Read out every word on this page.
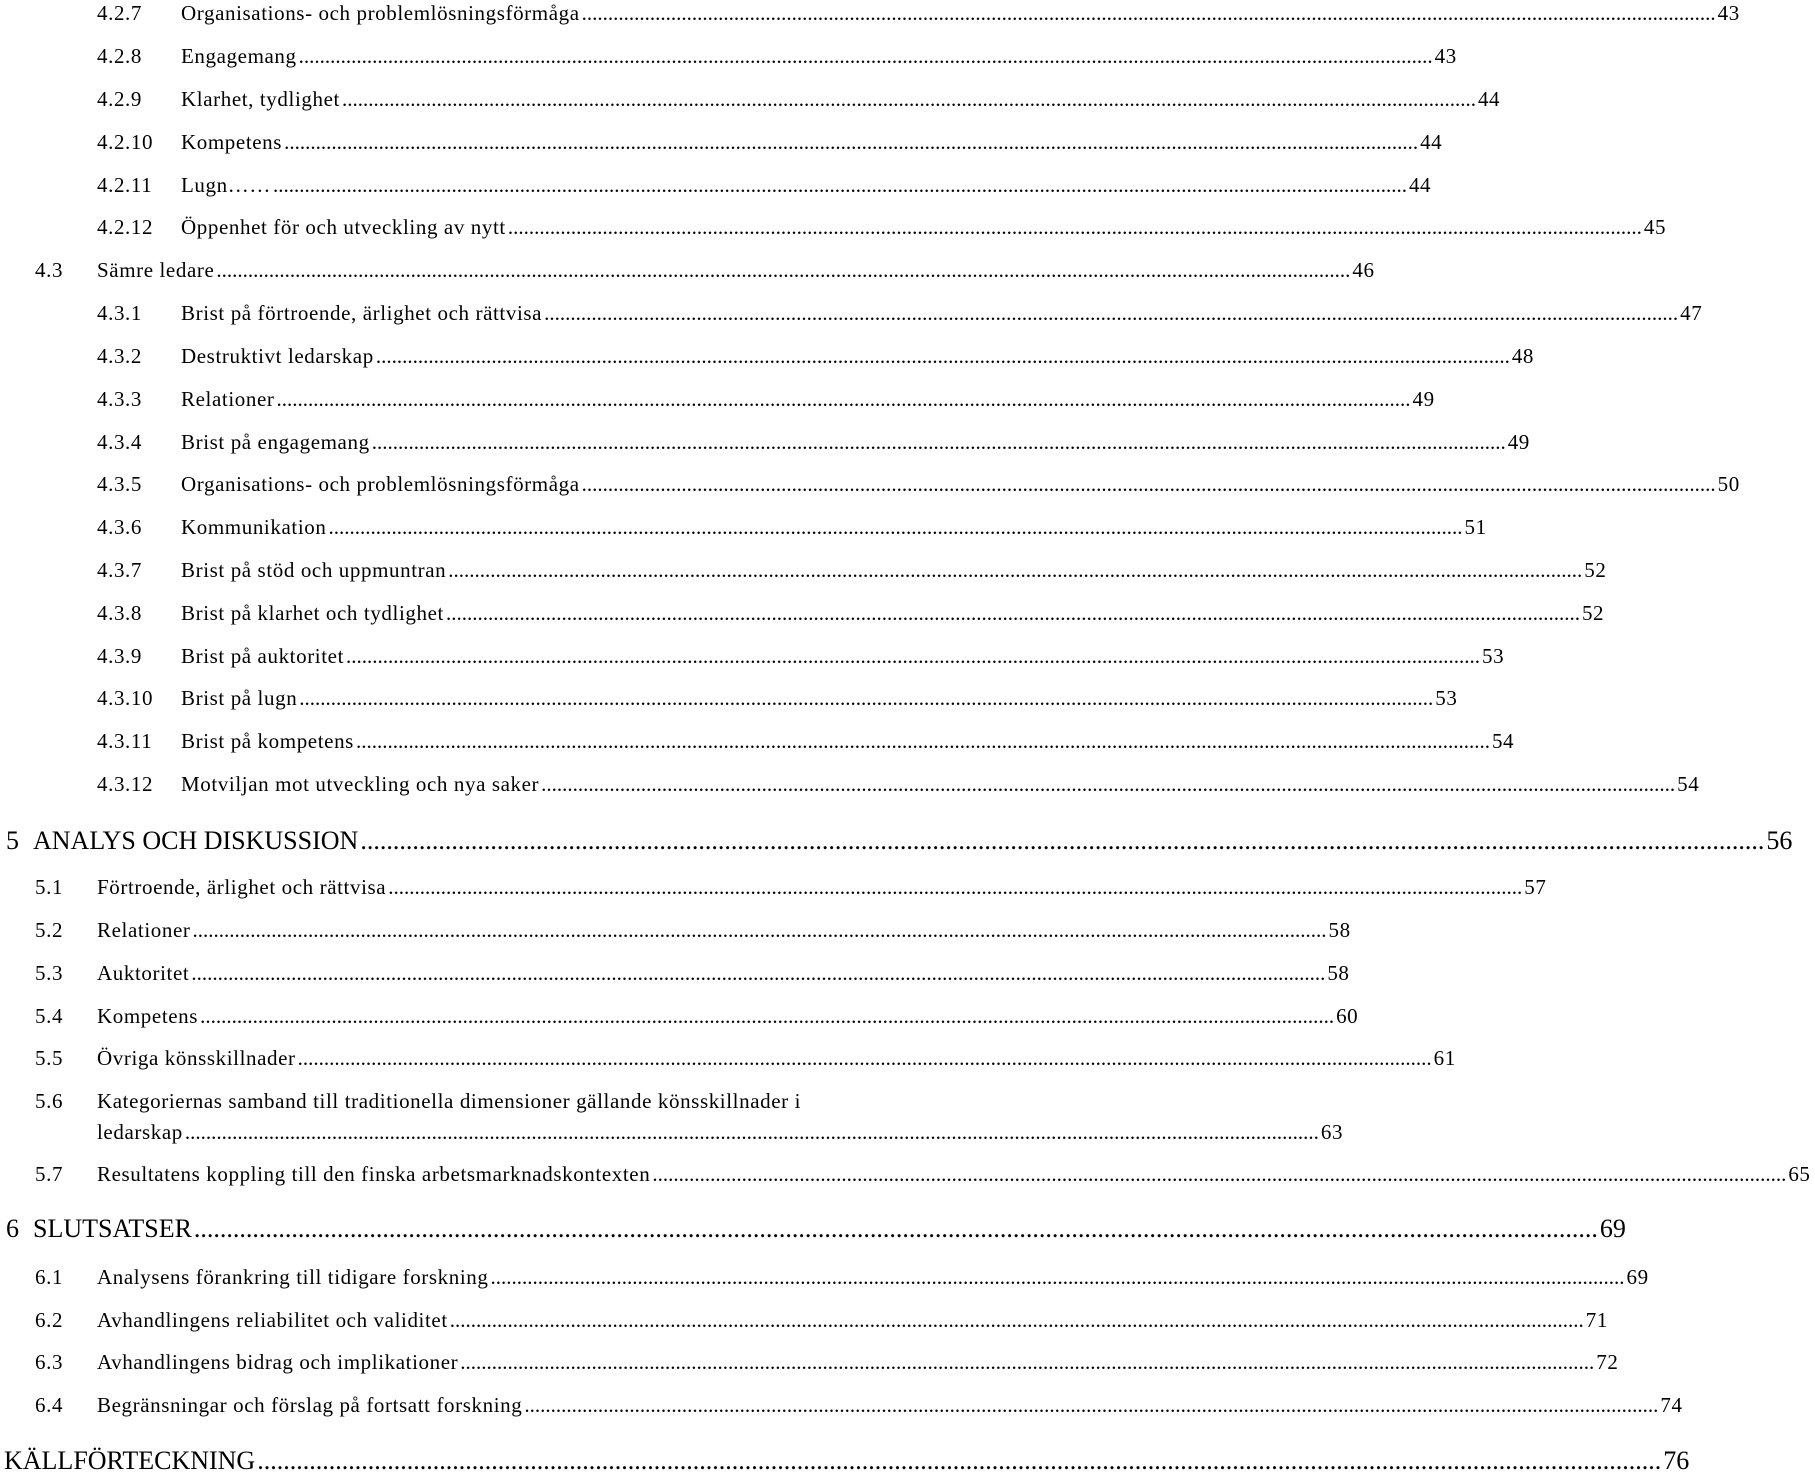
4.2.7	Organisations- och problemlösningsförmåga .....	43
4.2.8	Engagemang .....	43
4.2.9	Klarhet, tydlighet .....	44
4.2.10	Kompetens .....	44
4.2.11	Lugn…… .....	44
4.2.12	Öppenhet för och utveckling av nytt .....	45
4.3	Sämre ledare .....	46
4.3.1	Brist på förtroende, ärlighet och rättvisa .....	47
4.3.2	Destruktivt ledarskap .....	48
4.3.3	Relationer .....	49
4.3.4	Brist på engagemang .....	49
4.3.5	Organisations- och problemlösningsförmåga .....	50
4.3.6	Kommunikation .....	51
4.3.7	Brist på stöd och uppmuntran .....	52
4.3.8	Brist på klarhet och tydlighet .....	52
4.3.9	Brist på auktoritet .....	53
4.3.10	Brist på lugn .....	53
4.3.11	Brist på kompetens .....	54
4.3.12	Motviljan mot utveckling och nya saker .....	54
5 ANALYS OCH DISKUSSION .....	56
5.1	Förtroende, ärlighet och rättvisa .....	57
5.2	Relationer .....	58
5.3	Auktoritet .....	58
5.4	Kompetens .....	60
5.5	Övriga könsskillnader .....	61
5.6	Kategoriernas samband till traditionella dimensioner gällande könsskillnader i
ledarskap .....	63
5.7	Resultatens koppling till den finska arbetsmarknadskontexten .....	65
6 SLUTSATSER .....	69
6.1	Analysens förankring till tidigare forskning .....	69
6.2	Avhandlingens reliabilitet och validitet .....	71
6.3	Avhandlingens bidrag och implikationer .....	72
6.4	Begränsningar och förslag på fortsatt forskning .....	74
KÄLLFÖRTECKNING .....	76
